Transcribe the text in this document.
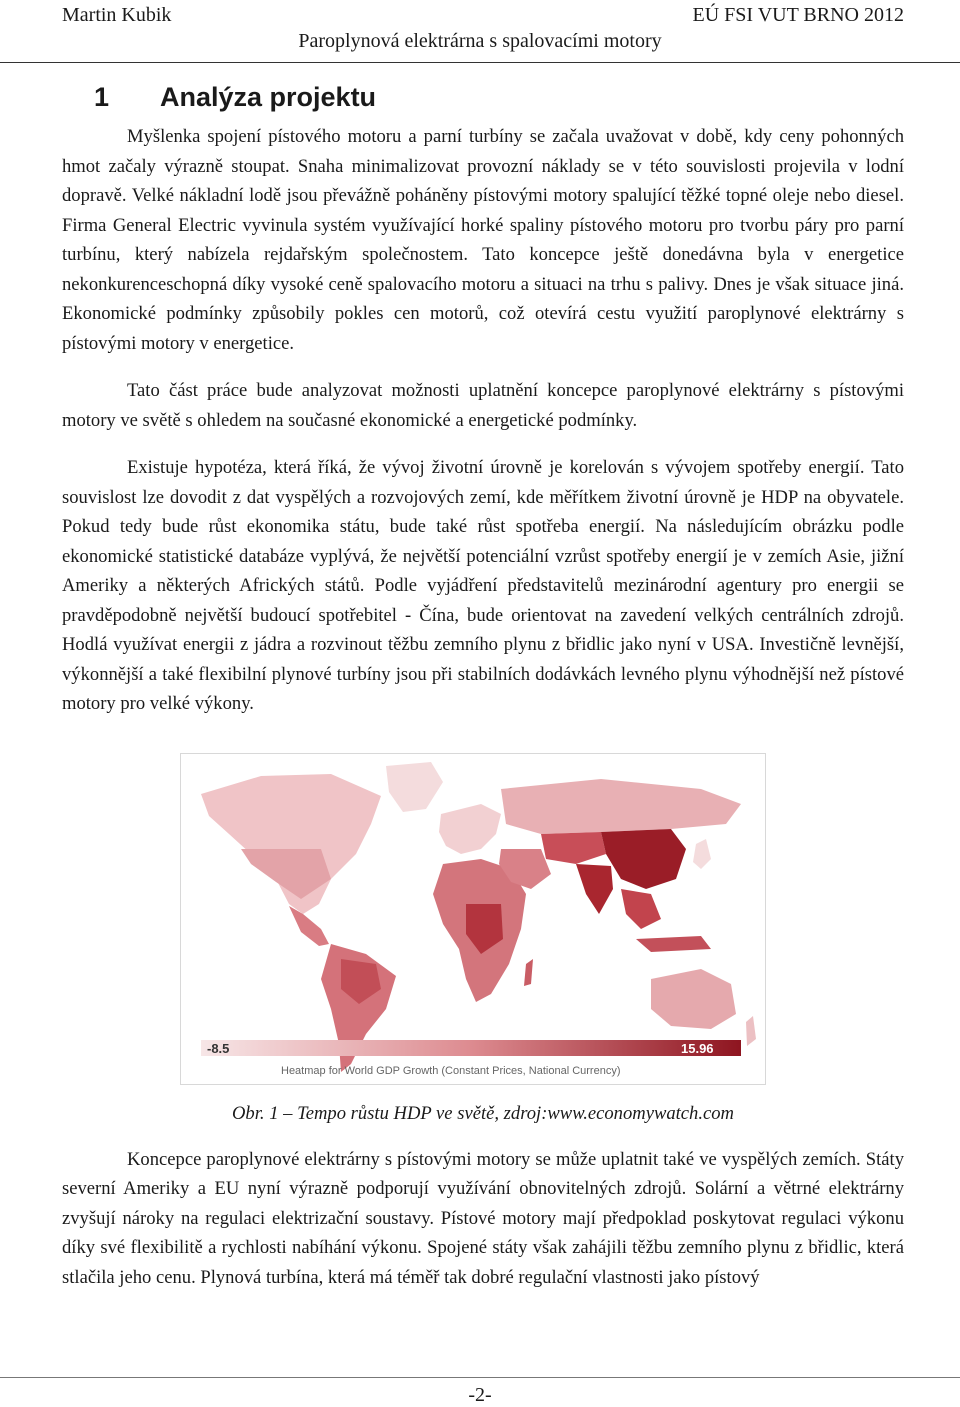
Martin Kubik	EÚ FSI VUT BRNO 2012
Paroplynová elektrárna s spalovacími motory
1 Analýza projektu

Myšlenka spojení pístového motoru a parní turbíny se začala uvažovat v době, kdy ceny pohonných hmot začaly výrazně stoupat. Snaha minimalizovat provozní náklady se v této souvislosti projevila v lodní dopravě. Velké nákladní lodě jsou převážně poháněny pístovými motory spalující těžké topné oleje nebo diesel. Firma General Electric vyvinula systém využívající horké spaliny pístového motoru pro tvorbu páry pro parní turbínu, který nabízela rejdařským společnostem. Tato koncepce ještě donedávna byla v energetice nekonkurenceschopná díky vysoké ceně spalovacího motoru a situaci na trhu s palivy. Dnes je však situace jiná. Ekonomické podmínky způsobily pokles cen motorů, což otevírá cestu využití paroplynové elektrárny s pístovými motory v energetice.

Tato část práce bude analyzovat možnosti uplatnění koncepce paroplynové elektrárny s pístovými motory ve světě s ohledem na současné ekonomické a energetické podmínky.

Existuje hypotéza, která říká, že vývoj životní úrovně je korelován s vývojem spotřeby energií. Tato souvislost lze dovodit z dat vyspělých a rozvojových zemí, kde měřítkem životní úrovně je HDP na obyvatele. Pokud tedy bude růst ekonomika státu, bude také růst spotřeba energií. Na následujícím obrázku podle ekonomické statistické databáze vyplývá, že největší potenciální vzrůst spotřeby energií je v zemích Asie, jižní Ameriky a některých Afrických států. Podle vyjádření představitelů mezinárodní agentury pro energii se pravděpodobně největší budoucí spotřebitel - Čína, bude orientovat na zavedení velkých centrálních zdrojů. Hodlá využívat energii z jádra a rozvinout těžbu zemního plynu z břidlic jako nyní v USA. Investičně levnější, výkonnější a také flexibilní plynové turbíny jsou při stabilních dodávkách levného plynu výhodnější než pístové motory pro velké výkony.

-8.5	15.96
Heatmap for World GDP Growth (Constant Prices, National Currency)
Obr. 1 – Tempo růstu HDP ve světě, zdroj:www.economywatch.com

Koncepce paroplynové elektrárny s pístovými motory se může uplatnit také ve vyspělých zemích. Státy severní Ameriky a EU nyní výrazně podporují využívání obnovitelných zdrojů. Solární a větrné elektrárny zvyšují nároky na regulaci elektrizační soustavy. Pístové motory mají předpoklad poskytovat regulaci výkonu díky své flexibilitě a rychlosti nabíhání výkonu. Spojené státy však zahájili těžbu zemního plynu z břidlic, která stlačila jeho cenu. Plynová turbína, která má téměř tak dobré regulační vlastnosti jako pístový

-2-
